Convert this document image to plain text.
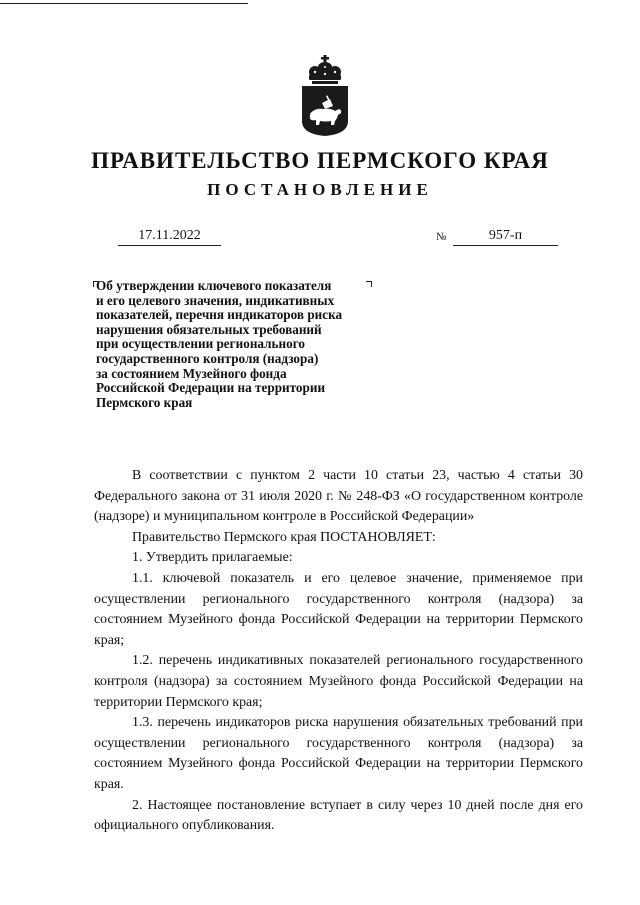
ПРАВИТЕЛЬСТВО ПЕРМСКОГО КРАЯ
ПОСТАНОВЛЕНИЕ
17.11.2022	№	957-п
Об утверждении ключевого показателя
и его целевого значения, индикативных
показателей, перечня индикаторов риска
нарушения обязательных требований
при осуществлении регионального
государственного контроля (надзора)
за состоянием Музейного фонда
Российской Федерации на территории
Пермского края

В соответствии с пунктом 2 части 10 статьи 23, частью 4 статьи 30 Федерального закона от 31 июля 2020 г. № 248-ФЗ «О государственном контроле (надзоре) и муниципальном контроле в Российской Федерации»

Правительство Пермского края ПОСТАНОВЛЯЕТ:

1. Утвердить прилагаемые:

1.1. ключевой показатель и его целевое значение, применяемое при осуществлении регионального государственного контроля (надзора) за состоянием Музейного фонда Российской Федерации на территории Пермского края;

1.2. перечень индикативных показателей регионального государственного контроля (надзора) за состоянием Музейного фонда Российской Федерации на территории Пермского края;

1.3. перечень индикаторов риска нарушения обязательных требований при осуществлении регионального государственного контроля (надзора) за состоянием Музейного фонда Российской Федерации на территории Пермского края.

2. Настоящее постановление вступает в силу через 10 дней после дня его официального опубликования.
